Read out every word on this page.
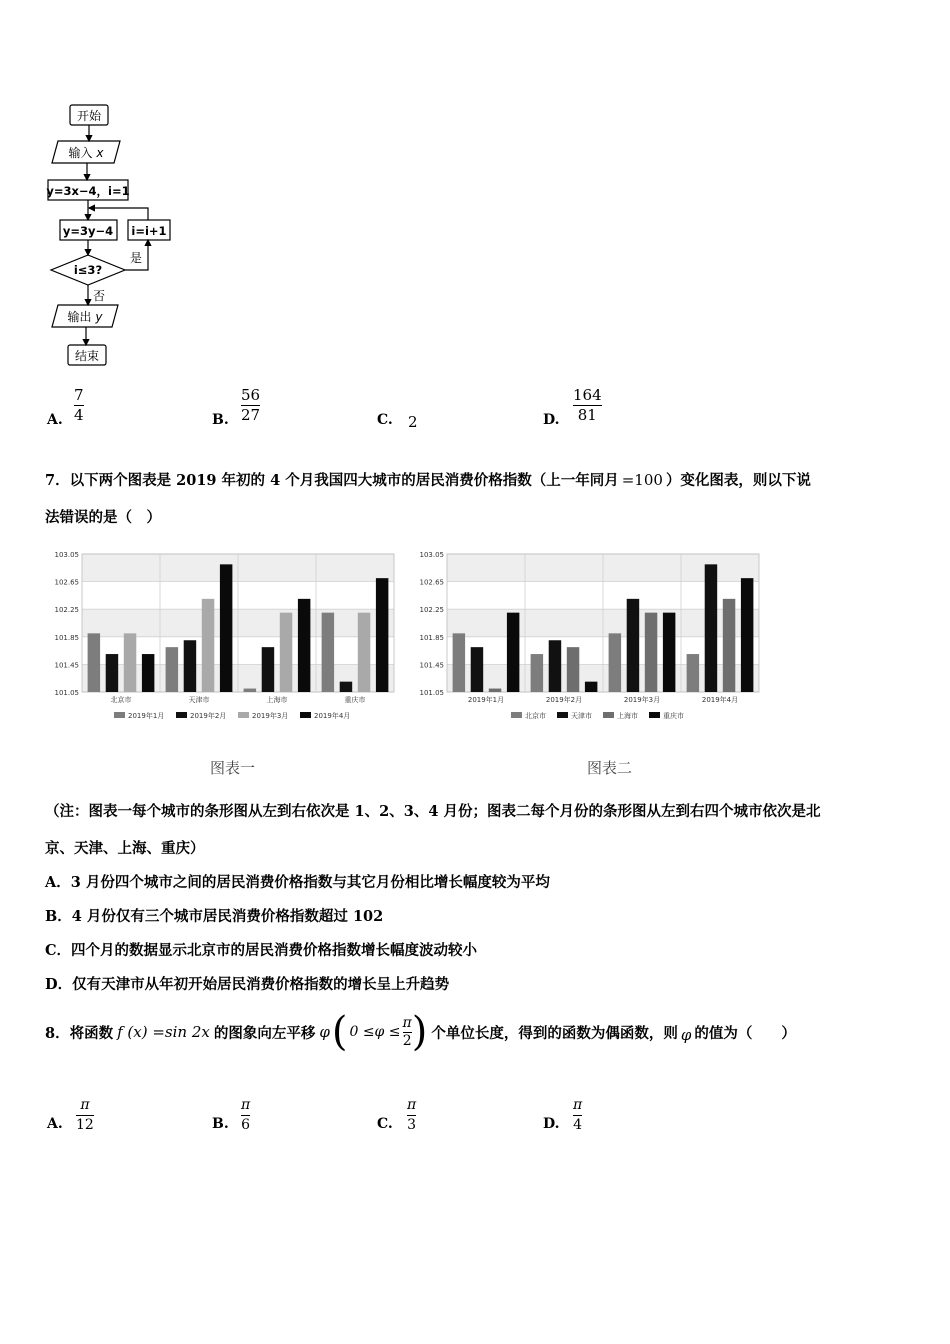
开始
输入 x
y=3x−4，i=1
y=3y−4 i=i+1
i≤3?
是
否
输出 y
结束
A.
7
4	B.
56
27	C. 2	D.
164
81
7．以下两个图表是 2019 年初的 4 个月我国四大城市的居民消费价格指数（上一年同月 =100 ）变化图表，则以下说
法错误的是（　）
103.05
102.65
102.25
101.85
101.45
101.05
北京市	天津市	上海市	重庆市
2019年1月	2019年2月	2019年3月	2019年4月
103.05
102.65
102.25
101.85
101.45
101.05
2019年1月	2019年2月	2019年3月	2019年4月
北京市	天津市	上海市	重庆市
图表一	图表二
（注：图表一每个城市的条形图从左到右依次是 1、2、3、4 月份；图表二每个月份的条形图从左到右四个城市依次是北
京、天津、上海、重庆）
A．3 月份四个城市之间的居民消费价格指数与其它月份相比增长幅度较为平均
B．4 月份仅有三个城市居民消费价格指数超过 102
C．四个月的数据显示北京市的居民消费价格指数增长幅度波动较小
D．仅有天津市从年初开始居民消费价格指数的增长呈上升趋势
8．将函数 f (x) =sin 2x 的图象向左平移 φ ( 0 ≤φ ≤
π
2 ) 个单位长度，得到的函数为偶函数，则 φ 的值为（　　）
A.
π
12	B.
π
6	C.
π
3	D.
π
4
